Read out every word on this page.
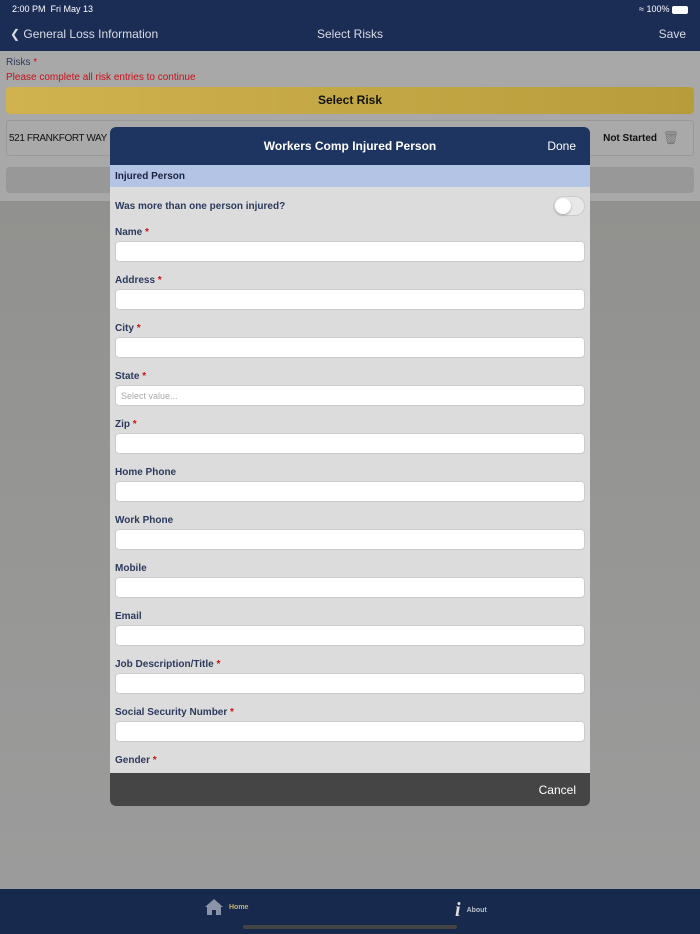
2:00 PM Fri May 13	≈ 100%
❮ General Loss Information	Select Risks	Save
Risks *
Please complete all risk entries to continue
Select Risk
521 FRANKFORT WAY	Not Started 🗑
Workers Comp Injured Person	Done
Injured Person
Was more than one person injured?
Name *
Address *
City *
State *
Select value...
Zip *
Home Phone
Work Phone
Mobile
Email
Job Description/Title *
Social Security Number *
Gender *
Cancel
Home	i About
